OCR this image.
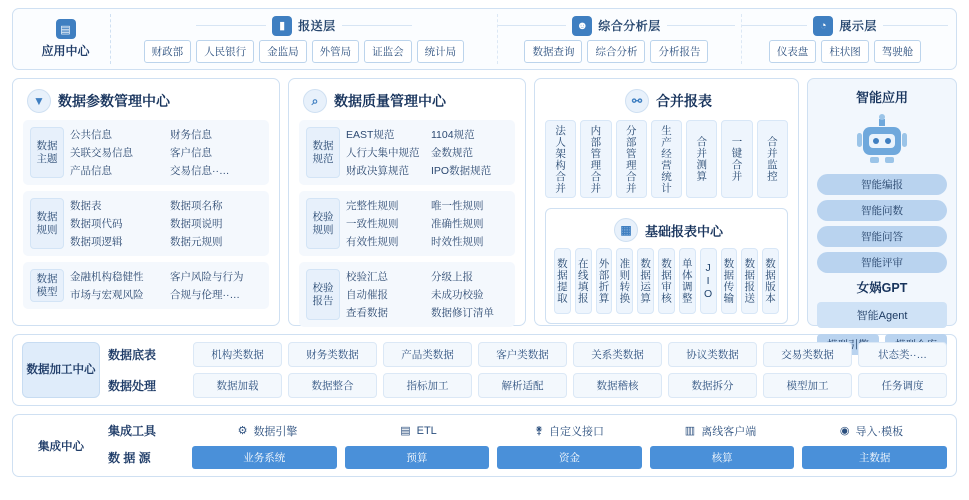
▤
应用中心
▮	报送层
财政部	人民银行	金监局	外管局	证监会	统计局
☻ 综合分析层
数据查询	综合分析	分析报告
◔	展示层
仪表盘	柱状图	驾驶舱
▼ 数据参数管理中心
数据主题
公共信息	财务信息
关联交易信息	客户信息
产品信息	交易信息··…
数据规则
数据表	数据项名称
数据项代码	数据项说明
数据项逻辑	数据元规则
数据模型
金融机构稳健性	客户风险与行为
市场与宏观风险	合规与伦理··…
⌕	数据质量管理中心
数据规范
EAST规范	1104规范
人行大集中规范	金数规范
财政决算规范	IPO数据规范
校验规则
完整性规则	唯一性规则
一致性规则	准确性规则
有效性规则	时效性规则
校验报告
校验汇总	分级上报
自动催报	未成功校验
查看数据	数据修订清单
⚯ 合并报表
法人架构合并	内部管理合并	分部管理合并	生产经营统计	合并测算	一键合并	合并监控
▦	基础报表中心
数据提取 在线填报 外部折算 准则转换 数据运算 数据审核 单体调整 JIO 数据传输 数据报送 数据版本
智能应用
智能编报
智能问数
智能问答
智能评审
女娲GPT
智能Agent
数据加工中心
数据底表	机构类数据	财务类数据	产品类数据	客户类数据	关系类数据	协议类数据	交易类数据	状态类··…
数据处理	数据加载	数据整合	指标加工	解析适配	数据稽核	数据拆分	模型加工	任务调度
集成中心
集成工具	⚙ 数据引擎	▤ ETL	⚵ 自定义接口	▥ 离线客户端	◉ 导入·模板
数 据 源	业务系统	预算	资金	核算	主数据
